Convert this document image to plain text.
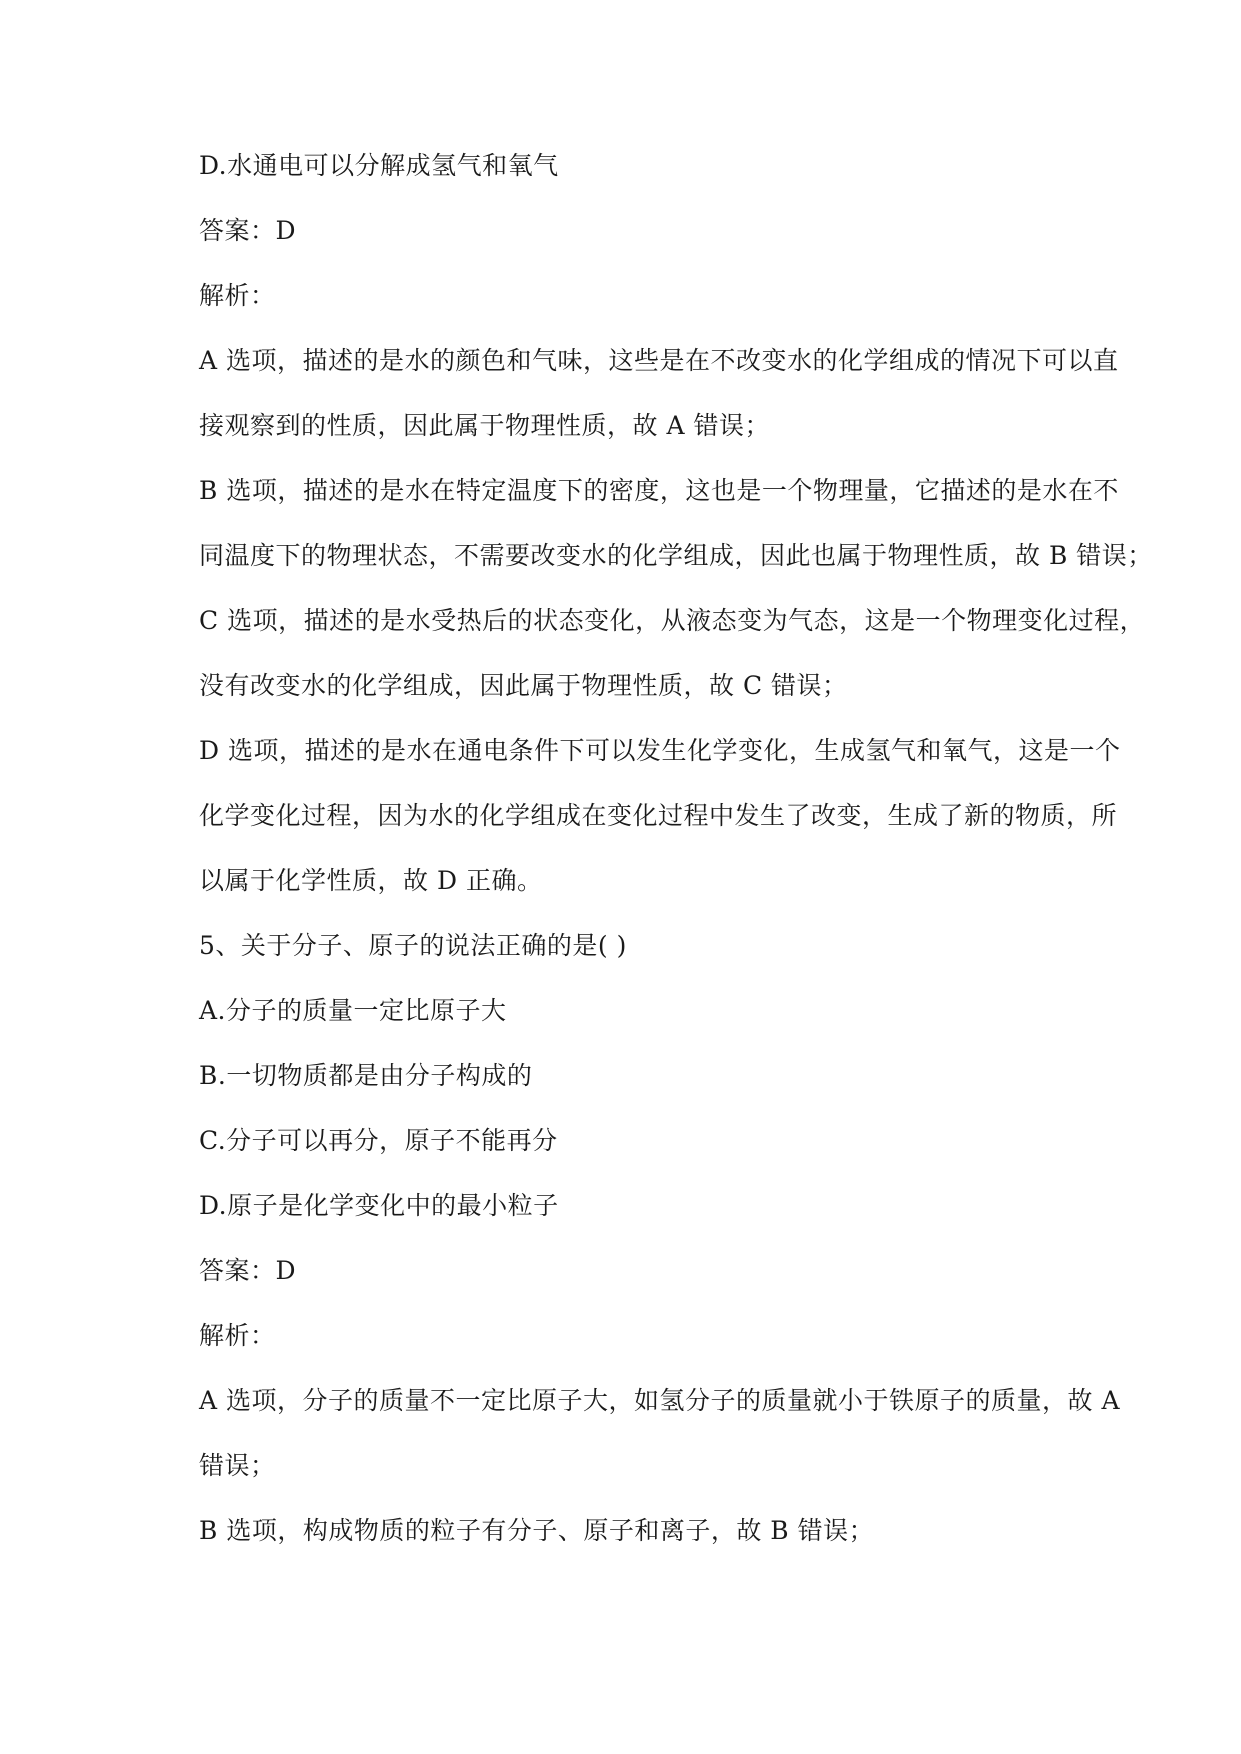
D.水通电可以分解成氢气和氧气
答案：D
解析：
A 选项，描述的是水的颜色和气味，这些是在不改变水的化学组成的情况下可以直
接观察到的性质，因此属于物理性质，故 A 错误；
B 选项，描述的是水在特定温度下的密度，这也是一个物理量，它描述的是水在不
同温度下的物理状态，不需要改变水的化学组成，因此也属于物理性质，故 B 错误；
C 选项，描述的是水受热后的状态变化，从液态变为气态，这是一个物理变化过程，
没有改变水的化学组成，因此属于物理性质，故 C 错误；
D 选项，描述的是水在通电条件下可以发生化学变化，生成氢气和氧气，这是一个
化学变化过程，因为水的化学组成在变化过程中发生了改变，生成了新的物质，所
以属于化学性质，故 D 正确。
5、关于分子、原子的说法正确的是( )
A.分子的质量一定比原子大
B.一切物质都是由分子构成的
C.分子可以再分，原子不能再分
D.原子是化学变化中的最小粒子
答案：D
解析：
A 选项，分子的质量不一定比原子大，如氢分子的质量就小于铁原子的质量，故 A
错误；
B 选项，构成物质的粒子有分子、原子和离子，故 B 错误；
